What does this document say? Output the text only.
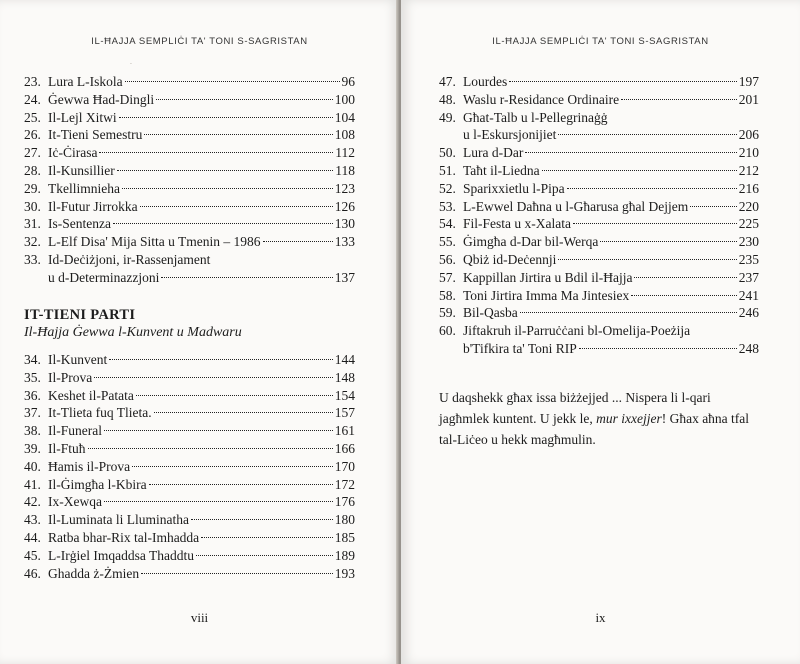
IL-ĦAJJA SEMPLIĊI TA' TONI S-SAGRISTAN
ᵕ
23. Lura L-Iskola	96
24. Ġewwa Ħad-Dingli	100
25. Il-Lejl Xitwi	104
26. It-Tieni Semestru	108
27. Iċ-Ċirasa	112
28. Il-Kunsillier	118
29. Tkellimnieha	123
30. Il-Futur Jirrokka	126
31. Is-Sentenza	130
32. L-Elf Disa' Mija Sitta u Tmenin – 1986	133
33. Id-Deċiżjoni, ir-Rassenjament
u d-Determinazzjoni	137
IT-TIENI PARTI
Il-Ħajja Ġewwa l-Kunvent u Madwaru
34. Il-Kunvent	144
35. Il-Prova	148
36. Keshet il-Patata	154
37. It-Tlieta fuq Tlieta.	157
38. Il-Funeral	161
39. Il-Ftuħ	166
40. Ħamis il-Prova	170
41. Il-Ġimgħa l-Kbira	172
42. Ix-Xewqa	176
43. Il-Luminata li Lluminatha	180
44. Ratba bhar-Rix tal-Imhadda	185
45. L-Irġiel Imqaddsa Thaddtu	189
46. Ghadda ż-Żmien	193
viii
IL-ĦAJJA SEMPLIĊI TA' TONI S-SAGRISTAN
47. Lourdes	197
48. Waslu r-Residance Ordinaire	201
49. Għat-Talb u l-Pellegrinaġġ
u l-Eskursjonijiet	206
50. Lura d-Dar	210
51. Taħt il-Liedna	212
52. Sparixxietlu l-Pipa	216
53. L-Ewwel Daħna u l-Għarusa għal Dejjem	220
54. Fil-Festa u x-Xalata	225
55. Ġimgħa d-Dar bil-Werqa	230
56. Qbiż id-Deċennji	235
57. Kappillan Jirtira u Bdil il-Ħajja	237
58. Toni Jirtira Imma Ma Jintesiex	241
59. Bil-Qasba	246
60. Jiftakruh il-Parruċċani bl-Omelija-Poeżija
b'Tifkira ta' Toni RIP	248

U daqshekk għax issa biżżejjed ... Nispera li l-qari jagħmlek kuntent. U jekk le, mur ixxejjer! Għax aħna tfal tal-Liċeo u hekk magħmulin.

ix
